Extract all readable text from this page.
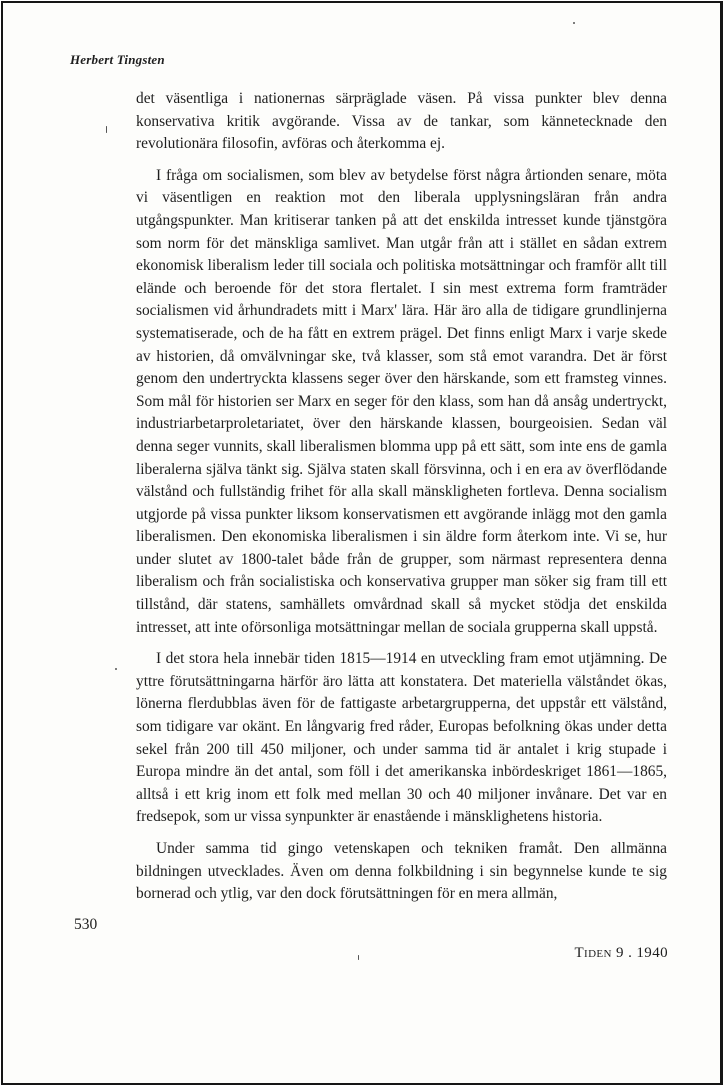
Herbert Tingsten

det väsentliga i nationernas särpräglade väsen. På vissa punkter blev denna konservativa kritik avgörande. Vissa av de tankar, som kännetecknade den revolutionära filosofin, avföras och återkomma ej.

I fråga om socialismen, som blev av betydelse först några årtionden senare, möta vi väsentligen en reaktion mot den liberala upplysningsläran från andra utgångspunkter. Man kritiserar tanken på att det enskilda intresset kunde tjänstgöra som norm för det mänskliga samlivet. Man utgår från att i stället en sådan extrem ekonomisk liberalism leder till sociala och politiska motsättningar och framför allt till elände och beroende för det stora flertalet. I sin mest extrema form framträder socialismen vid århundradets mitt i Marx' lära. Här äro alla de tidigare grundlinjerna systematiserade, och de ha fått en extrem prägel. Det finns enligt Marx i varje skede av historien, då omvälvningar ske, två klasser, som stå emot varandra. Det är först genom den undertryckta klassens seger över den härskande, som ett framsteg vinnes. Som mål för historien ser Marx en seger för den klass, som han då ansåg undertryckt, industriarbetarproletariatet, över den härskande klassen, bourgeoisien. Sedan väl denna seger vunnits, skall liberalismen blomma upp på ett sätt, som inte ens de gamla liberalerna själva tänkt sig. Själva staten skall försvinna, och i en era av överflödande välstånd och fullständig frihet för alla skall mänskligheten fortleva. Denna socialism utgjorde på vissa punkter liksom konservatismen ett avgörande inlägg mot den gamla liberalismen. Den ekonomiska liberalismen i sin äldre form återkom inte. Vi se, hur under slutet av 1800-talet både från de grupper, som närmast representera denna liberalism och från socialistiska och konservativa grupper man söker sig fram till ett tillstånd, där statens, samhällets omvårdnad skall så mycket stödja det enskilda intresset, att inte oförsonliga motsättningar mellan de sociala grupperna skall uppstå.

I det stora hela innebär tiden 1815—1914 en utveckling fram emot utjämning. De yttre förutsättningarna härför äro lätta att konstatera. Det materiella välståndet ökas, lönerna flerdubblas även för de fattigaste arbetargrupperna, det uppstår ett välstånd, som tidigare var okänt. En långvarig fred råder, Europas befolkning ökas under detta sekel från 200 till 450 miljoner, och under samma tid är antalet i krig stupade i Europa mindre än det antal, som föll i det amerikanska inbördeskriget 1861—1865, alltså i ett krig inom ett folk med mellan 30 och 40 miljoner invånare. Det var en fredsepok, som ur vissa synpunkter är enastående i mänsklighetens historia.

Under samma tid gingo vetenskapen och tekniken framåt. Den allmänna bildningen utvecklades. Även om denna folkbildning i sin begynnelse kunde te sig bornerad och ytlig, var den dock förutsättningen för en mera allmän,

530
Tiden 9 . 1940
